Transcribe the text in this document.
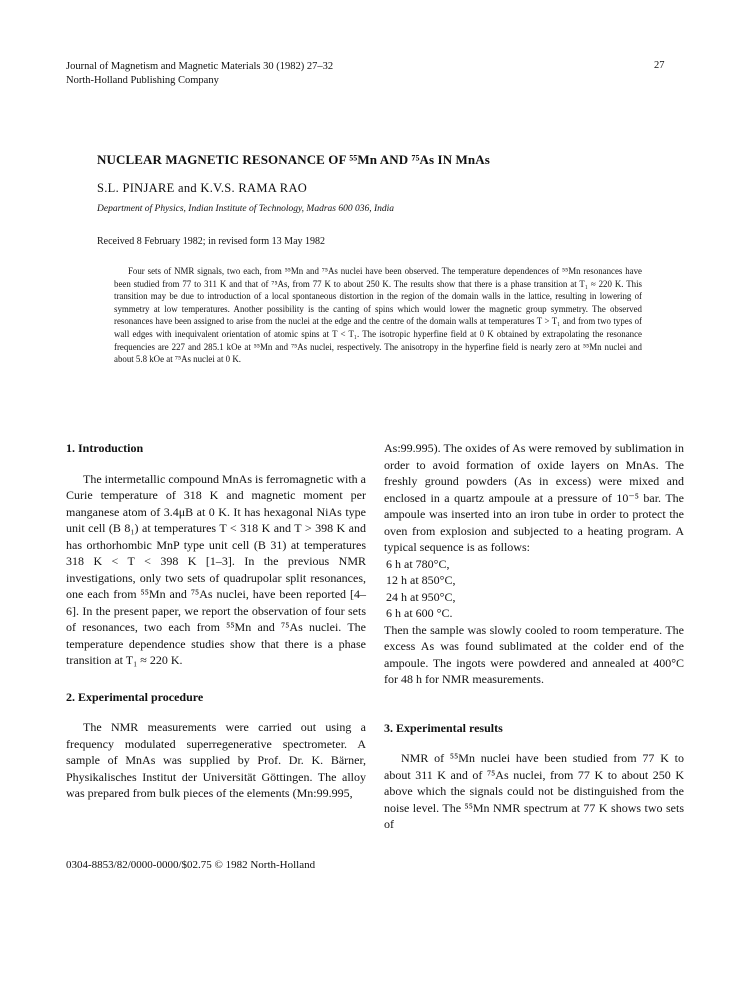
Journal of Magnetism and Magnetic Materials 30 (1982) 27–32
North-Holland Publishing Company
27
NUCLEAR MAGNETIC RESONANCE OF ⁵⁵Mn AND ⁷⁵As IN MnAs
S.L. PINJARE and K.V.S. RAMA RAO
Department of Physics, Indian Institute of Technology, Madras 600 036, India
Received 8 February 1982; in revised form 13 May 1982

Four sets of NMR signals, two each, from ⁵⁵Mn and ⁷⁵As nuclei have been observed. The temperature dependences of ⁵⁵Mn resonances have been studied from 77 to 311 K and that of ⁷⁵As, from 77 K to about 250 K. The results show that there is a phase transition at T₁ ≈ 220 K. This transition may be due to introduction of a local spontaneous distortion in the region of the domain walls in the lattice, resulting in lowering of symmetry at low temperatures. Another possibility is the canting of spins which would lower the magnetic group symmetry. The observed resonances have been assigned to arise from the nuclei at the edge and the centre of the domain walls at temperatures T > T₁ and from two types of wall edges with inequivalent orientation of atomic spins at T < T₁. The isotropic hyperfine field at 0 K obtained by extrapolating the resonance frequencies are 227 and 285.1 kOe at ⁵⁵Mn and ⁷⁵As nuclei, respectively. The anisotropy in the hyperfine field is nearly zero at ⁵⁵Mn nuclei and about 5.8 kOe at ⁷⁵As nuclei at 0 K.

1. Introduction

The intermetallic compound MnAs is ferromagnetic with a Curie temperature of 318 K and magnetic moment per manganese atom of 3.4μB at 0 K. It has hexagonal NiAs type unit cell (B 8₁) at temperatures T < 318 K and T > 398 K and has orthorhombic MnP type unit cell (B 31) at temperatures 318 K < T < 398 K [1–3]. In the previous NMR investigations, only two sets of quadrupolar split resonances, one each from ⁵⁵Mn and ⁷⁵As nuclei, have been reported [4–6]. In the present paper, we report the observation of four sets of resonances, two each from ⁵⁵Mn and ⁷⁵As nuclei. The temperature dependence studies show that there is a phase transition at T₁ ≈ 220 K.

2. Experimental procedure

The NMR measurements were carried out using a frequency modulated superregenerative spectrometer. A sample of MnAs was supplied by Prof. Dr. K. Bärner, Physikalisches Institut der Universität Göttingen. The alloy was prepared from bulk pieces of the elements (Mn:99.995,

As:99.995). The oxides of As were removed by sublimation in order to avoid formation of oxide layers on MnAs. The freshly ground powders (As in excess) were mixed and enclosed in a quartz ampoule at a pressure of 10⁻⁵ bar. The ampoule was inserted into an iron tube in order to protect the oven from explosion and subjected to a heating program. A typical sequence is as follows:

6 h at 780°C,
12 h at 850°C,
24 h at 950°C,
6 h at 600 °C.

Then the sample was slowly cooled to room temperature. The excess As was found sublimated at the colder end of the ampoule. The ingots were powdered and annealed at 400°C for 48 h for NMR measurements.

3. Experimental results

NMR of ⁵⁵Mn nuclei have been studied from 77 K to about 311 K and of ⁷⁵As nuclei, from 77 K to about 250 K above which the signals could not be distinguished from the noise level. The ⁵⁵Mn NMR spectrum at 77 K shows two sets of

0304-8853/82/0000-0000/$02.75 © 1982 North-Holland
